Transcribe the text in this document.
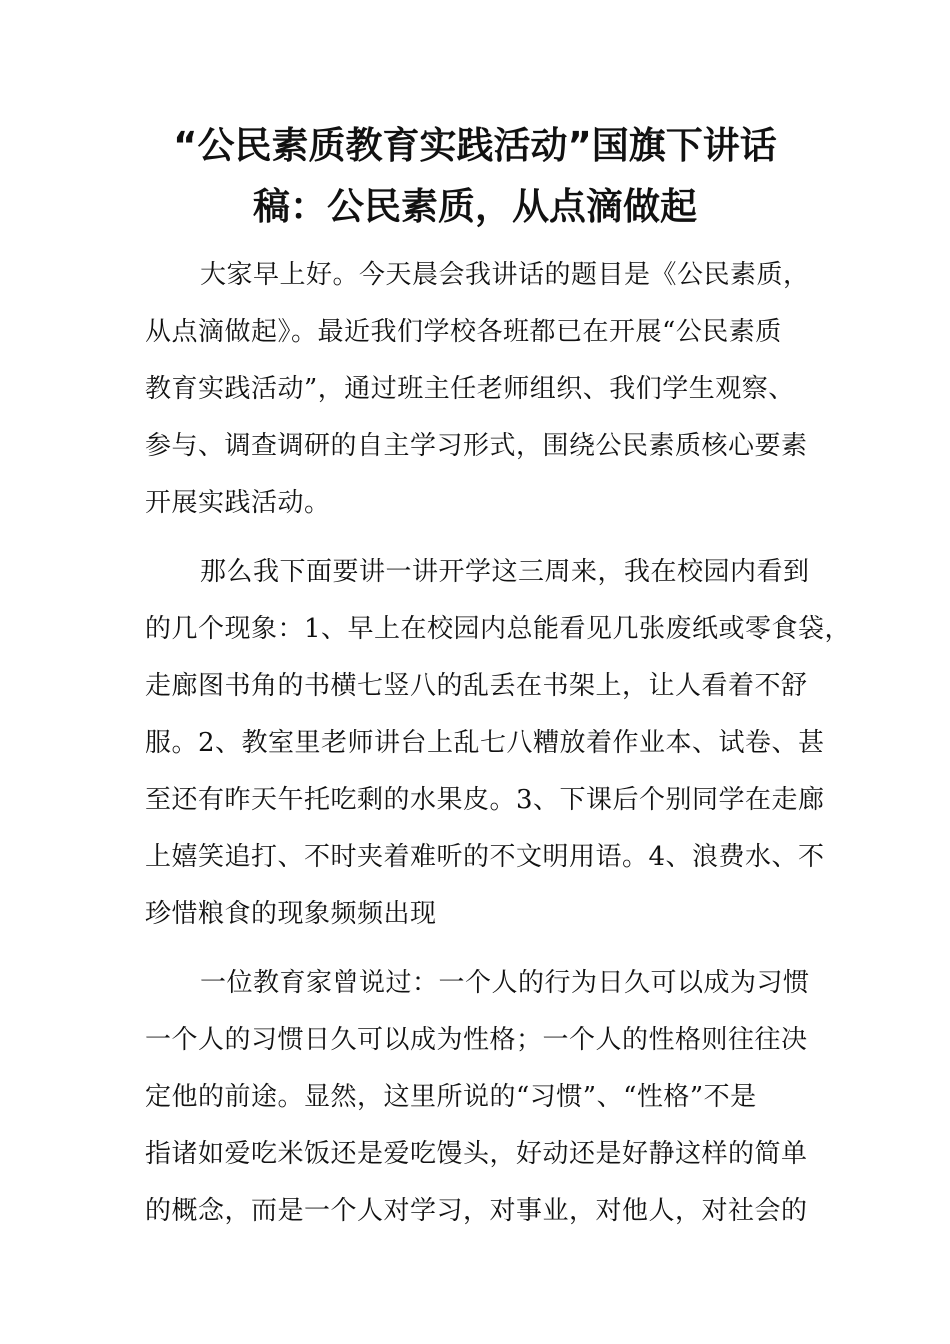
“公民素质教育实践活动”国旗下讲话
稿：公民素质，从点滴做起

大家早上好。今天晨会我讲话的题目是《公民素质，
从点滴做起》。最近我们学校各班都已在开展“公民素质
教育实践活动”，通过班主任老师组织、我们学生观察、
参与、调查调研的自主学习形式，围绕公民素质核心要素
开展实践活动。

那么我下面要讲一讲开学这三周来，我在校园内看到
的几个现象：1、早上在校园内总能看见几张废纸或零食袋，
走廊图书角的书横七竖八的乱丢在书架上，让人看着不舒
服。2、教室里老师讲台上乱七八糟放着作业本、试卷、甚
至还有昨天午托吃剩的水果皮。3、下课后个别同学在走廊
上嬉笑追打、不时夹着难听的不文明用语。4、浪费水、不
珍惜粮食的现象频频出现

一位教育家曾说过：一个人的行为日久可以成为习惯
一个人的习惯日久可以成为性格；一个人的性格则往往决
定他的前途。显然，这里所说的“习惯”、“性格”不是
指诸如爱吃米饭还是爱吃馒头，好动还是好静这样的简单
的概念，而是一个人对学习，对事业，对他人，对社会的
